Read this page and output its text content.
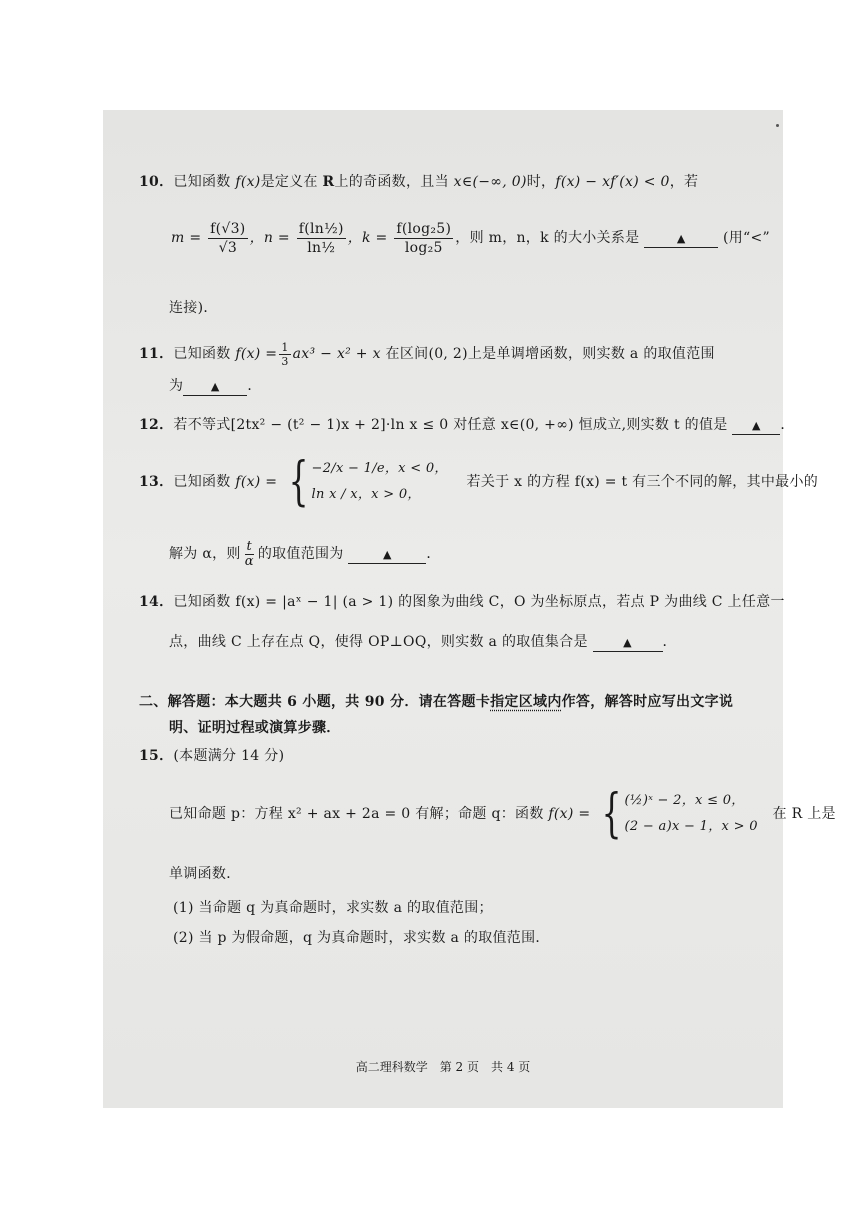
10．已知函数 f(x)是定义在 R上的奇函数，且当 x∈(−∞, 0)时，f(x) − xf′(x) < 0，若
$m = \frac{f(√3)}{√3}$ ，$n = \frac{\text{f(ln½)}}{\text{ln½}}$ ，$k = \frac{\text{f(log₂5)}}{\text{log₂5}}$ ，则 m，n，k 的大小关系是	▲	(用“<”
连接)．
11．已知函数 $f(x) = \frac{1}{3} ax^3 - x^2 + x$ 在区间(0, 2)上是单调增函数，则实数 a 的取值范围
为	▲ ．
12．若不等式[2tx² − (t² − 1)x + 2]·ln x ≤ 0 对任意 x∈(0, +∞) 恒成立,则实数 t 的值是 ▲ ．
13．已知函数 f(x) = { −2/x − 1/e，x < 0，
ln x / x，x > 0，
若关于 x 的方程 f(x) = t 有三个不同的解，其中最小的
解为 α，则 $\frac{t}{\alpha}$ 的取值范围为	▲ ．
14．已知函数 f(x) = |aˣ − 1| (a > 1) 的图象为曲线 C，O 为坐标原点，若点 P 为曲线 C 上任意一
点，曲线 C 上存在点 Q，使得 OP⊥OQ，则实数 a 的取值集合是	▲ ．
二、解答题：本大题共 6 小题，共 90 分．请在答题卡指定区域内作答，解答时应写出文字说
明、证明过程或演算步骤．
15．(本题满分 14 分)
已知命题 p：方程 x² + ax + 2a = 0 有解；命题 q：函数 f(x) = { (½)ˣ − 2，x ≤ 0，
(2 − a)x − 1，x > 0
在 R 上是
单调函数．
(1) 当命题 q 为真命题时，求实数 a 的取值范围；
(2) 当 p 为假命题，q 为真命题时，求实数 a 的取值范围．
高二理科数学　第 2 页　共 4 页
